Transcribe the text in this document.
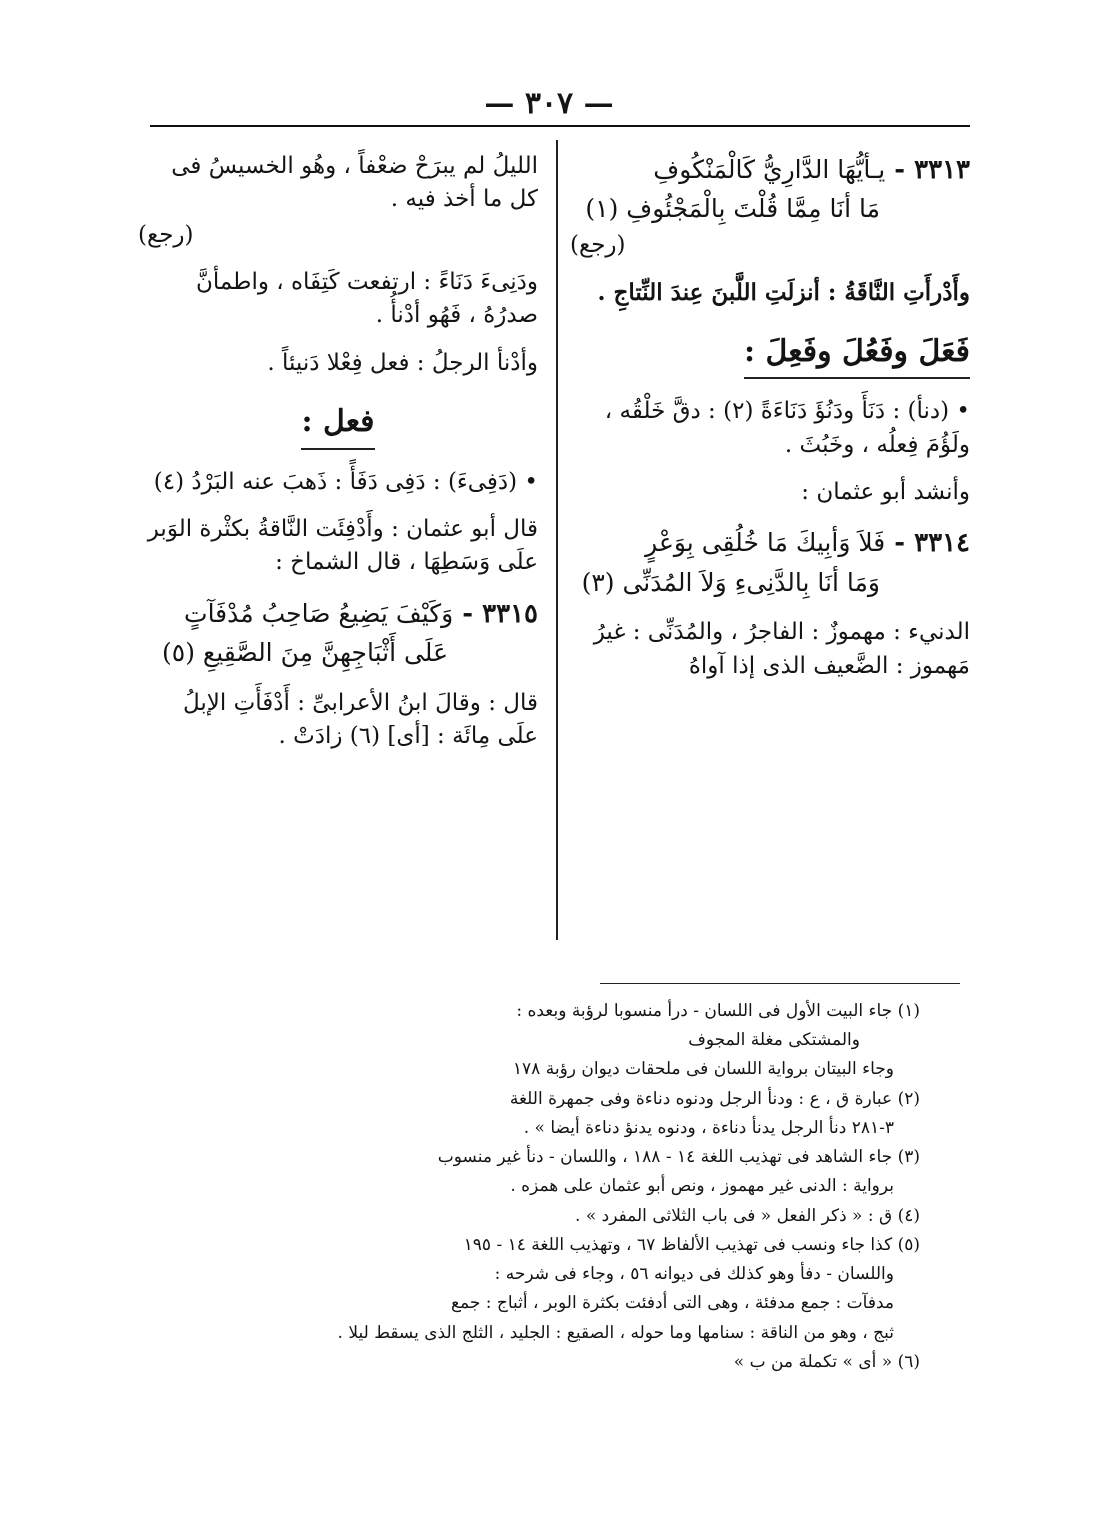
— ٣٠٧ —
٣٣١٣ - يـأيُّهَا الدَّارِيُّ كَالْمَنْكُوفِ
مَا أنَا مِمَّا قُلْتَ بِالْمَجْئُوفِ (١)

(رجع)

وأَدْرأَتِ النَّاقَةُ : أنزلَتِ اللَّبنَ عِندَ النِّتاجِ .

فَعَلَ وفَعُلَ وفَعِلَ :

• (دنأ) : دَنَأَ ودَنُؤَ دَنَاءَةً (٢) : دقَّ خَلْقُه ، ولَؤُمَ فِعلُه ، وخَبُثَ .

وأنشد أبو عثمان :

٣٣١٤ - فَلاَ وَأبِيكَ مَا خُلُقِى بِوَعْرٍ
وَمَا أنَا بِالدَّنِىءِ وَلاَ المُدَنِّى (٣)

الدنيء : مهموزٌ : الفاجرُ ، والمُدَنِّى : غيرُ مَهموز : الضَّعيف الذى إذا آواهُ

الليلُ لم يبرَحْ ضعْفاً ، وهُو الخسيسُ فى كل ما أخذ فيه .

(رجع)

ودَنِىءَ دَنَاءً : ارتفعت كَتِفَاه ، واطمأنَّ صدرُهُ ، فَهُو أدْنأُ .

وأدْنأ الرجلُ : فعل فِعْلا دَنيئاً .

فعل :

• (دَفِىءَ) : دَفِى دَفَأً : ذَهبَ عنه البَرْدُ (٤)

قال أبو عثمان : وأَدْفِئَت النَّاقةُ بكثْرة الوَبر علَى وَسَطِهَا ، قال الشماخ :

٣٣١٥ - وَكَيْفَ يَضِيعُ صَاحِبُ مُدْفَآتٍ
عَلَى أَثْبَاجِهِنَّ مِنَ الصَّقِيعِ (٥)

قال : وقالَ ابنُ الأعرابىِّ : أَدْفَأَتِ الإبلُ علَى مِائَة : [أى] (٦) زادَتْ .

(١) جاء البيت الأول فى اللسان - درأ منسوبا لرؤبة وبعده :

والمشتكى مغلة المجوف

وجاء البيتان برواية اللسان فى ملحقات ديوان رؤبة ١٧٨

(٢) عبارة ق ، ع : ودنأ الرجل ودنوه دناءة وفى جمهرة اللغة

٣-٢٨١ دنأ الرجل يدنأ دناءة ، ودنوه يدنؤ دناءة أيضا » .

(٣) جاء الشاهد فى تهذيب اللغة ١٤ - ١٨٨ ، واللسان - دنأ غير منسوب

برواية : الدنى غير مهموز ، ونص أبو عثمان على همزه .

(٤) ق : « ذكر الفعل « فى باب الثلاثى المفرد » .

(٥) كذا جاء ونسب فى تهذيب الألفاظ ٦٧ ، وتهذيب اللغة ١٤ - ١٩٥

واللسان - دفأ وهو كذلك فى ديوانه ٥٦ ، وجاء فى شرحه :

مدفآت : جمع مدفئة ، وهى التى أدفئت بكثرة الوبر ، أثباج : جمع

ثبج ، وهو من الناقة : سنامها وما حوله ، الصقيع : الجليد ، الثلج الذى يسقط ليلا .

(٦) « أى » تكملة من ب »
